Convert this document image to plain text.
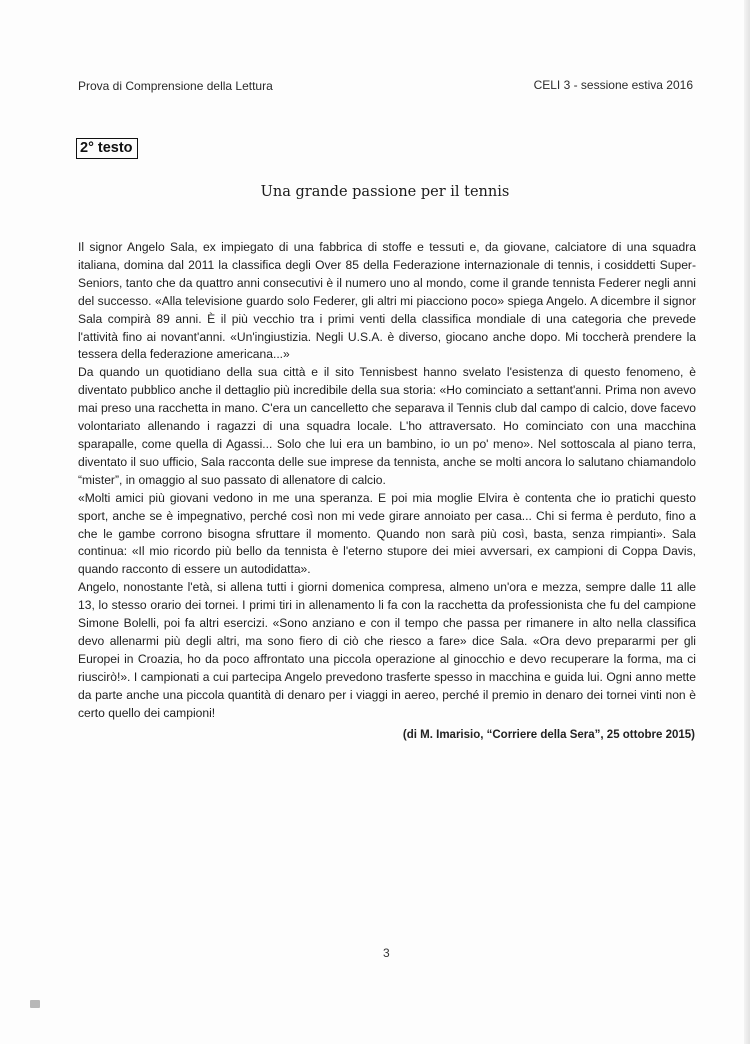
Prova di Comprensione della Lettura	CELI 3 - sessione estiva 2016
2° testo
Una grande passione per il tennis

Il signor Angelo Sala, ex impiegato di una fabbrica di stoffe e tessuti e, da giovane, calciatore di una squadra italiana, domina dal 2011 la classifica degli Over 85 della Federazione internazionale di tennis, i cosiddetti Super-Seniors, tanto che da quattro anni consecutivi è il numero uno al mondo, come il grande tennista Federer negli anni del successo. «Alla televisione guardo solo Federer, gli altri mi piacciono poco» spiega Angelo. A dicembre il signor Sala compirà 89 anni. È il più vecchio tra i primi venti della classifica mondiale di una categoria che prevede l'attività fino ai novant'anni. «Un'ingiustizia. Negli U.S.A. è diverso, giocano anche dopo. Mi toccherà prendere la tessera della federazione americana...»

Da quando un quotidiano della sua città e il sito Tennisbest hanno svelato l'esistenza di questo fenomeno, è diventato pubblico anche il dettaglio più incredibile della sua storia: «Ho cominciato a settant'anni. Prima non avevo mai preso una racchetta in mano. C'era un cancelletto che separava il Tennis club dal campo di calcio, dove facevo volontariato allenando i ragazzi di una squadra locale. L'ho attraversato. Ho cominciato con una macchina sparapalle, come quella di Agassi... Solo che lui era un bambino, io un po' meno». Nel sottoscala al piano terra, diventato il suo ufficio, Sala racconta delle sue imprese da tennista, anche se molti ancora lo salutano chiamandolo “mister”, in omaggio al suo passato di allenatore di calcio.

«Molti amici più giovani vedono in me una speranza. E poi mia moglie Elvira è contenta che io pratichi questo sport, anche se è impegnativo, perché così non mi vede girare annoiato per casa... Chi si ferma è perduto, fino a che le gambe corrono bisogna sfruttare il momento. Quando non sarà più così, basta, senza rimpianti». Sala continua: «Il mio ricordo più bello da tennista è l'eterno stupore dei miei avversari, ex campioni di Coppa Davis, quando racconto di essere un autodidatta».

Angelo, nonostante l'età, si allena tutti i giorni domenica compresa, almeno un'ora e mezza, sempre dalle 11 alle 13, lo stesso orario dei tornei. I primi tiri in allenamento li fa con la racchetta da professionista che fu del campione Simone Bolelli, poi fa altri esercizi. «Sono anziano e con il tempo che passa per rimanere in alto nella classifica devo allenarmi più degli altri, ma sono fiero di ciò che riesco a fare» dice Sala. «Ora devo prepararmi per gli Europei in Croazia, ho da poco affrontato una piccola operazione al ginocchio e devo recuperare la forma, ma ci riuscirò!». I campionati a cui partecipa Angelo prevedono trasferte spesso in macchina e guida lui. Ogni anno mette da parte anche una piccola quantità di denaro per i viaggi in aereo, perché il premio in denaro dei tornei vinti non è certo quello dei campioni!

(di M. Imarisio, “Corriere della Sera”, 25 ottobre 2015)
3
